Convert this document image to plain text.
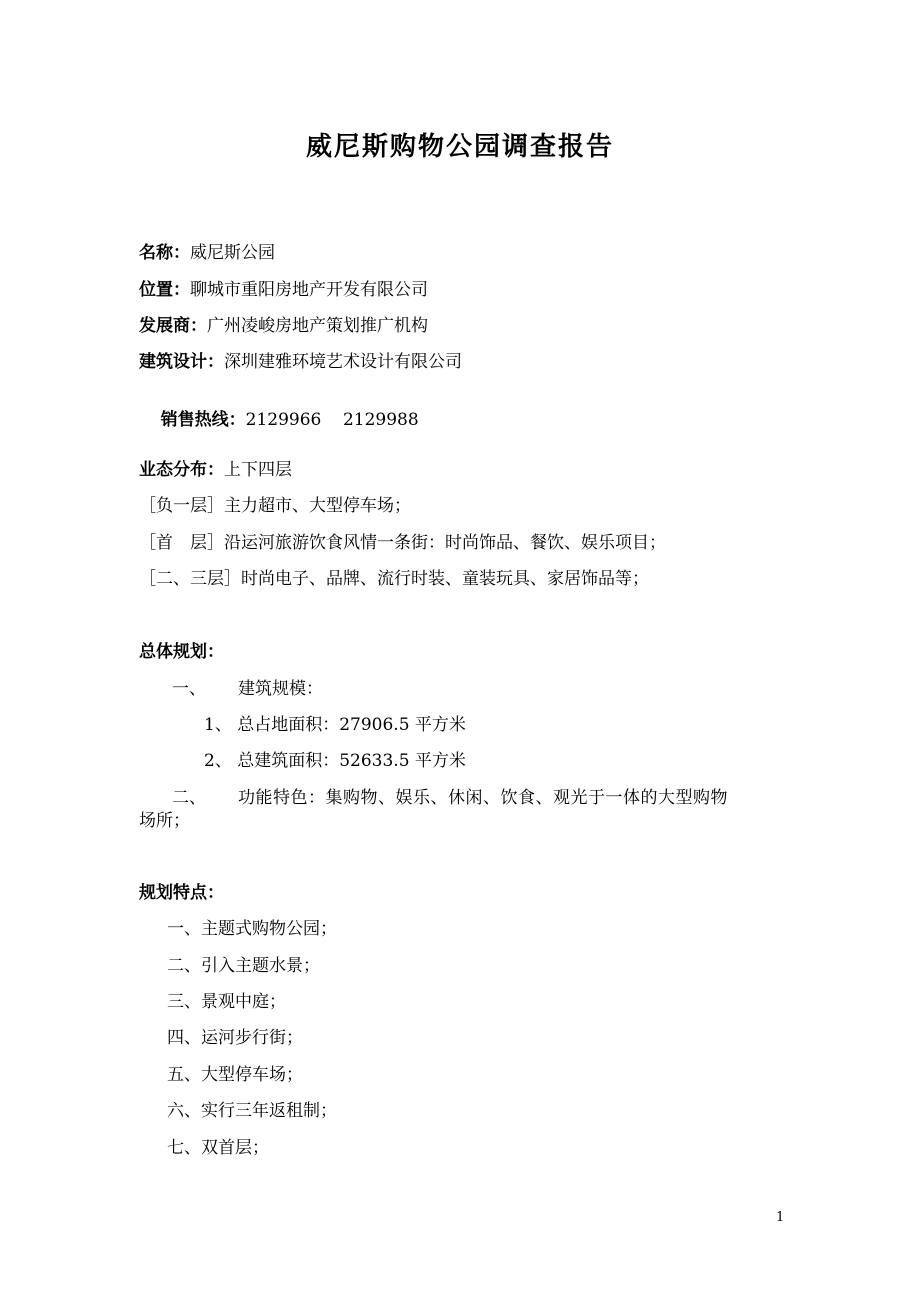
威尼斯购物公园调查报告
名称：威尼斯公园
位置：聊城市重阳房地产开发有限公司
发展商：广州凌峻房地产策划推广机构
建筑设计：深圳建雅环境艺术设计有限公司

销售热线：2129966    2129988

业态分布：上下四层
［负一层］主力超市、大型停车场；
［首　层］沿运河旅游饮食风情一条街：时尚饰品、餐饮、娱乐项目；
［二、三层］时尚电子、品牌、流行时装、童装玩具、家居饰品等；
总体规划：
一、 建筑规模：
1、 总占地面积：27906.5 平方米
2、 总建筑面积：52633.5 平方米
二、 功能特色：集购物、娱乐、休闲、饮食、观光于一体的大型购物
场所；
规划特点：
一、主题式购物公园；
二、引入主题水景；
三、景观中庭；
四、运河步行街；
五、大型停车场；
六、实行三年返租制；
七、双首层；
1
